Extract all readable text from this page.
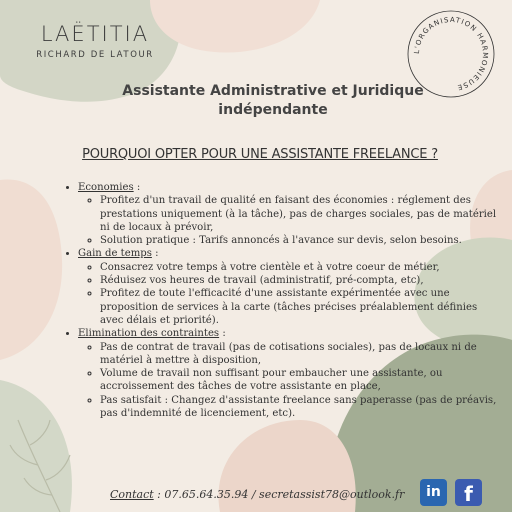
LAËTITIA
RICHARD DE LATOUR	L'ORGANISATION HARMONIEUSE
Assistante Administrative et Juridique
indépendante
POURQUOI OPTER POUR UNE ASSISTANTE FREELANCE ?
• Economies :
◦ Profitez d'un travail de qualité en faisant des économies : réglement des prestations uniquement (à la tâche), pas de charges sociales, pas de matériel ni de locaux à prévoir,
◦ Solution pratique : Tarifs annoncés à l'avance sur devis, selon besoins.
• Gain de temps :
◦ Consacrez votre temps à votre cientèle et à votre coeur de métier,
◦ Réduisez vos heures de travail (administratif, pré-compta, etc),
◦ Profitez de toute l'efficacité d'une assistante expérimentée avec une proposition de services à la carte (tâches précises préalablement définies avec délais et priorité).
• Elimination des contraintes :
◦ Pas de contrat de travail (pas de cotisations sociales), pas de locaux ni de matériel à mettre à disposition,
◦ Volume de travail non suffisant pour embaucher une assistante, ou accroissement des tâches de votre assistante en place,
◦ Pas satisfait : Changez d'assistante freelance sans paperasse (pas de préavis, pas d'indemnité de licenciement, etc).
Contact : 07.65.64.35.94 / secretassist78@outlook.fr	in	f
